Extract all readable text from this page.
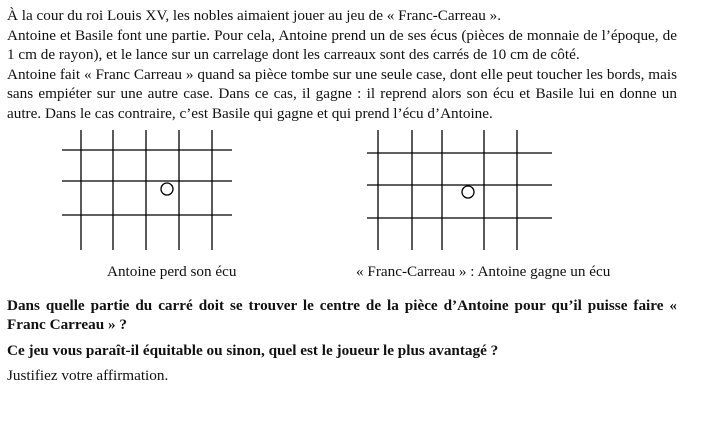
À la cour du roi Louis XV, les nobles aimaient jouer au jeu de « Franc-Carreau ».

Antoine et Basile font une partie. Pour cela, Antoine prend un de ses écus (pièces de monnaie de l’époque, de 1 cm de rayon), et le lance sur un carrelage dont les carreaux sont des carrés de 10 cm de côté.

Antoine fait « Franc Carreau » quand sa pièce tombe sur une seule case, dont elle peut toucher les bords, mais sans empiéter sur une autre case. Dans ce cas, il gagne : il reprend alors son écu et Basile lui en donne un autre. Dans le cas contraire, c’est Basile qui gagne et qui prend l’écu d’Antoine.

Antoine perd son écu	« Franc-Carreau » : Antoine gagne un écu

Dans quelle partie du carré doit se trouver le centre de la pièce d’Antoine pour qu’il puisse faire « Franc Carreau » ?

Ce jeu vous paraît-il équitable ou sinon, quel est le joueur le plus avantagé ?

Justifiez votre affirmation.
